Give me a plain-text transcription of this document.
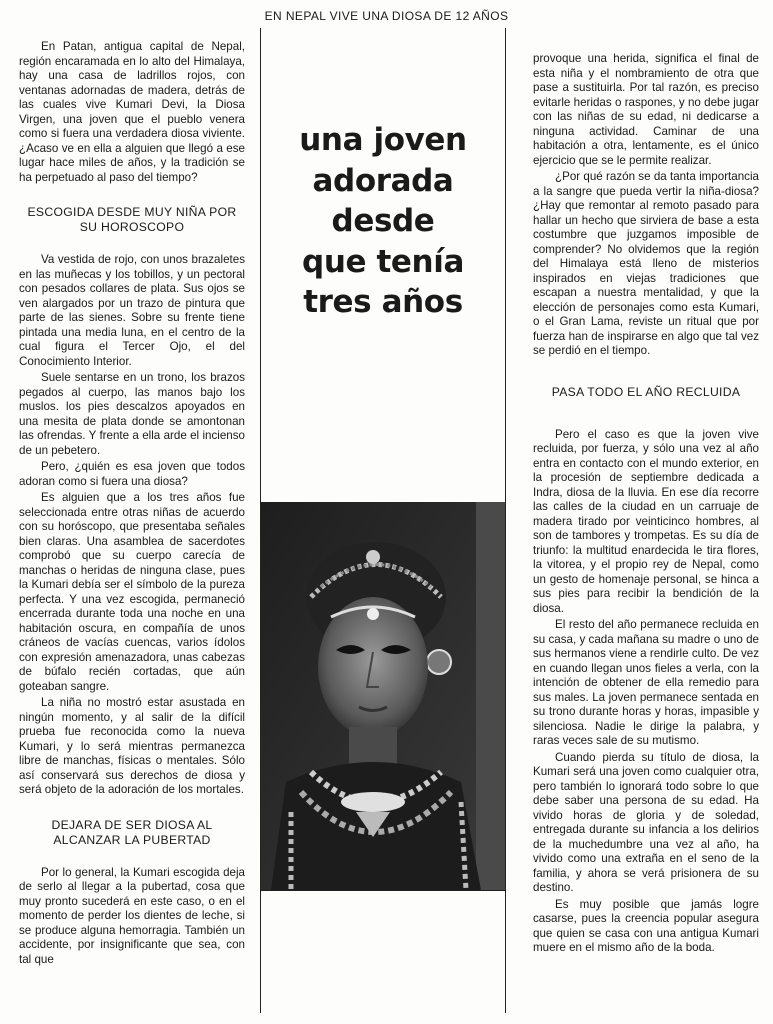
EN NEPAL VIVE UNA DIOSA DE 12 AÑOS

En Patan, antigua capital de Nepal, región encaramada en lo alto del Himalaya, hay una casa de ladrillos rojos, con ventanas adornadas de madera, detrás de las cuales vive Kumari Devi, la Diosa Virgen, una joven que el pueblo venera como si fuera una verdadera diosa viviente. ¿Acaso ve en ella a alguien que llegó a ese lugar hace miles de años, y la tradición se ha perpetuado al paso del tiempo?

ESCOGIDA DESDE MUY NIÑA POR SU HOROSCOPO

Va vestida de rojo, con unos brazaletes en las muñecas y los tobillos, y un pectoral con pesados collares de plata. Sus ojos se ven alargados por un trazo de pintura que parte de las sienes. Sobre su frente tiene pintada una media luna, en el centro de la cual figura el Tercer Ojo, el del Conocimiento Interior.

Suele sentarse en un trono, los brazos pegados al cuerpo, las manos bajo los muslos. los pies descalzos apoyados en una mesita de plata donde se amontonan las ofrendas. Y frente a ella arde el incienso de un pebetero.

Pero, ¿quién es esa joven que todos adoran como si fuera una diosa?

Es alguien que a los tres años fue seleccionada entre otras niñas de acuerdo con su horóscopo, que presentaba señales bien claras. Una asamblea de sacerdotes comprobó que su cuerpo carecía de manchas o heridas de ninguna clase, pues la Kumari debía ser el símbolo de la pureza perfecta. Y una vez escogida, permaneció encerrada durante toda una noche en una habitación oscura, en compañía de unos cráneos de vacías cuencas, varios ídolos con expresión amenazadora, unas cabezas de búfalo recién cortadas, que aún goteaban sangre.

La niña no mostró estar asustada en ningún momento, y al salir de la difícil prueba fue reconocida como la nueva Kumari, y lo será mientras permanezca libre de manchas, físicas o mentales. Sólo así conservará sus derechos de diosa y será objeto de la adoración de los mortales.

DEJARA DE SER DIOSA AL ALCANZAR LA PUBERTAD

Por lo general, la Kumari escogida deja de serlo al llegar a la pubertad, cosa que muy pronto sucederá en este caso, o en el momento de perder los dientes de leche, si se produce alguna hemorragia. También un accidente, por insignificante que sea, con tal que

una joven
adorada
desde
que tenía
tres años

provoque una herida, significa el final de esta niña y el nombramiento de otra que pase a sustituirla. Por tal razón, es preciso evitarle heridas o raspones, y no debe jugar con las niñas de su edad, ni dedicarse a ninguna actividad. Caminar de una habitación a otra, lentamente, es el único ejercicio que se le permite realizar.

¿Por qué razón se da tanta importancia a la sangre que pueda vertir la niña-diosa? ¿Hay que remontar al remoto pasado para hallar un hecho que sirviera de base a esta costumbre que juzgamos imposible de comprender? No olvidemos que la región del Himalaya está lleno de misterios inspirados en viejas tradiciones que escapan a nuestra mentalidad, y que la elección de personajes como esta Kumari, o el Gran Lama, reviste un ritual que por fuerza han de inspirarse en algo que tal vez se perdió en el tiempo.

PASA TODO EL AÑO RECLUIDA

Pero el caso es que la joven vive recluida, por fuerza, y sólo una vez al año entra en contacto con el mundo exterior, en la procesión de septiembre dedicada a Indra, diosa de la lluvia. En ese día recorre las calles de la ciudad en un carruaje de madera tirado por veinticinco hombres, al son de tambores y trompetas. Es su día de triunfo: la multitud enardecida le tira flores, la vitorea, y el propio rey de Nepal, como un gesto de homenaje personal, se hinca a sus pies para recibir la bendición de la diosa.

El resto del año permanece recluida en su casa, y cada mañana su madre o uno de sus hermanos viene a rendirle culto. De vez en cuando llegan unos fieles a verla, con la intención de obtener de ella remedio para sus males. La joven permanece sentada en su trono durante horas y horas, impasible y silenciosa. Nadie le dirige la palabra, y raras veces sale de su mutismo.

Cuando pierda su título de diosa, la Kumari será una joven como cualquier otra, pero también lo ignorará todo sobre lo que debe saber una persona de su edad. Ha vivido horas de gloria y de soledad, entregada durante su infancia a los delirios de la muchedumbre una vez al año, ha vivido como una extraña en el seno de la familia, y ahora se verá prisionera de su destino.

Es muy posible que jamás logre casarse, pues la creencia popular asegura que quien se casa con una antigua Kumari muere en el mismo año de la boda.
